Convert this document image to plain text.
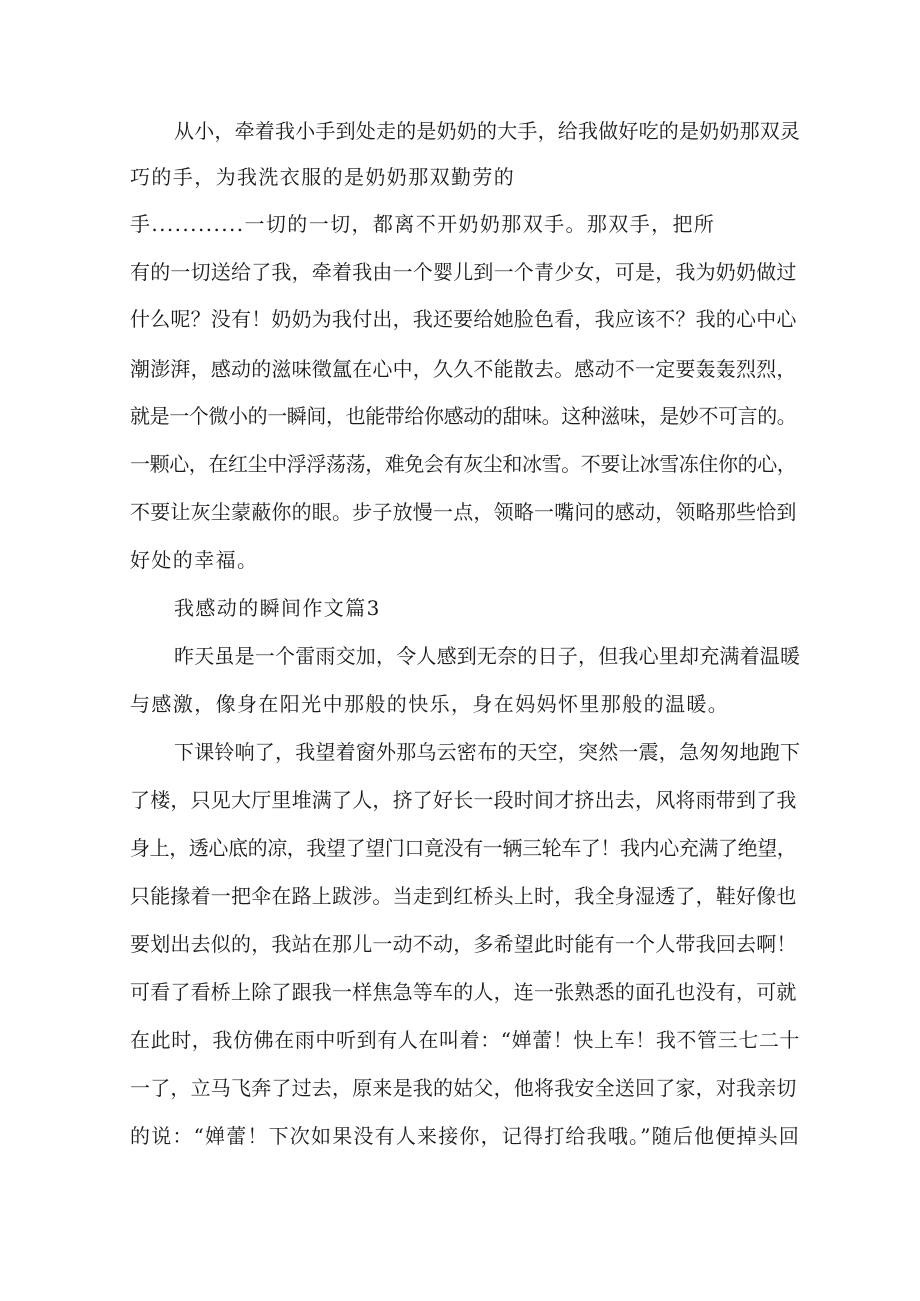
从小，牵着我小手到处走的是奶奶的大手，给我做好吃的是奶奶那双灵
巧的手，为我洗衣服的是奶奶那双勤劳的
手............一切的一切，都离不开奶奶那双手。那双手，把所
有的一切送给了我，牵着我由一个婴儿到一个青少女，可是，我为奶奶做过
什么呢？没有！奶奶为我付出，我还要给她脸色看，我应该不？我的心中心
潮澎湃，感动的滋味徵氲在心中，久久不能散去。感动不一定要轰轰烈烈，
就是一个微小的一瞬间，也能带给你感动的甜味。这种滋味，是妙不可言的。
一颗心，在红尘中浮浮荡荡，难免会有灰尘和冰雪。不要让冰雪冻住你的心，
不要让灰尘蒙蔽你的眼。步子放慢一点，领略一嘴问的感动，领略那些恰到
好处的幸福。
我感动的瞬间作文篇3
昨天虽是一个雷雨交加，令人感到无奈的日子，但我心里却充满着温暖
与感激，像身在阳光中那般的快乐，身在妈妈怀里那般的温暖。
下课铃响了，我望着窗外那乌云密布的天空，突然一震，急匆匆地跑下
了楼，只见大厅里堆满了人，挤了好长一段时间才挤出去，风将雨带到了我
身上，透心底的凉，我望了望门口竟没有一辆三轮车了！我内心充满了绝望，
只能掾着一把伞在路上跋涉。当走到红桥头上时，我全身湿透了，鞋好像也
要划出去似的，我站在那儿一动不动，多希望此时能有一个人带我回去啊！
可看了看桥上除了跟我一样焦急等车的人，连一张熟悉的面孔也没有，可就
在此时，我仿佛在雨中听到有人在叫着：“婵蕾！快上车！我不管三七二十
一了，立马飞奔了过去，原来是我的姑父，他将我安全送回了家，对我亲切
的说：“婵蕾！下次如果没有人来接你，记得打给我哦。”随后他便掉头回
